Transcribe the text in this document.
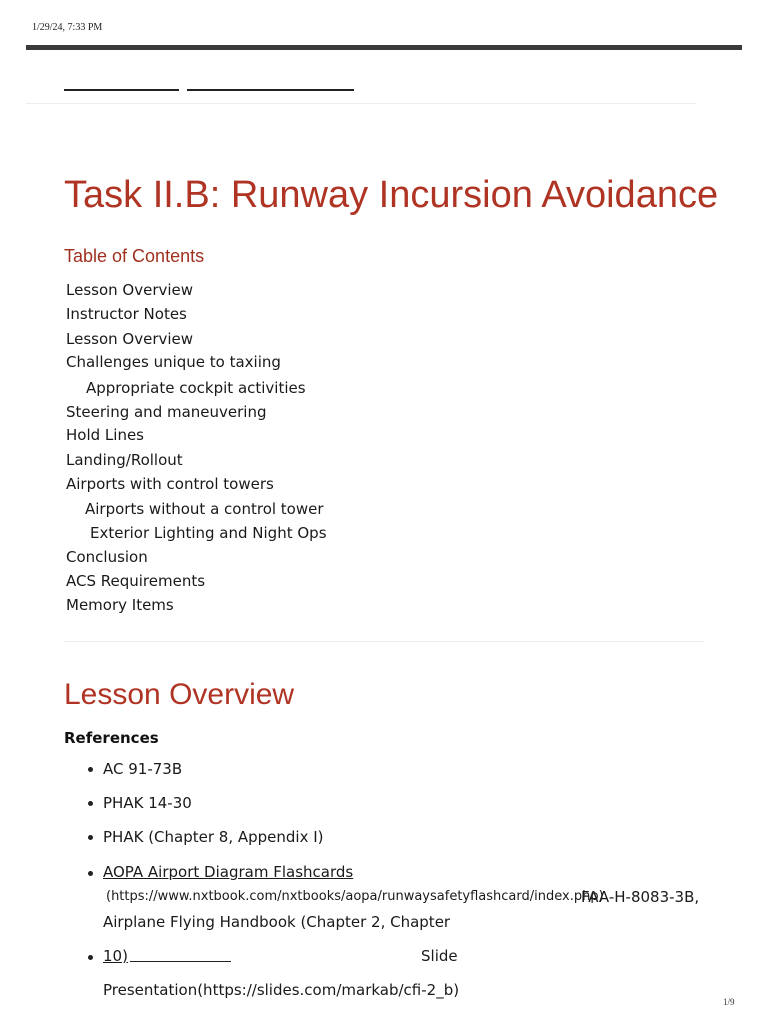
1/29/24, 7:33 PM
Task II.B: Runway Incursion Avoidance
Table of Contents
Lesson Overview
Instructor Notes
Lesson Overview
Challenges unique to taxiing
Appropriate cockpit activities
Steering and maneuvering
Hold Lines
Landing/Rollout
Airports with control towers
Airports without a control tower
Exterior Lighting and Night Ops
Conclusion
ACS Requirements
Memory Items
Lesson Overview
References
AC 91-73B
PHAK 14-30
PHAK (Chapter 8, Appendix I)
AOPA Airport Diagram Flashcards
(https://www.nxtbook.com/nxtbooks/aopa/runwaysafetyflashcard/index.php)
FAA-H-8083-3B,
Airplane Flying Handbook (Chapter 2, Chapter
10)	Slide
Presentation(https://slides.com/markab/cfi-2_b)
1/9
